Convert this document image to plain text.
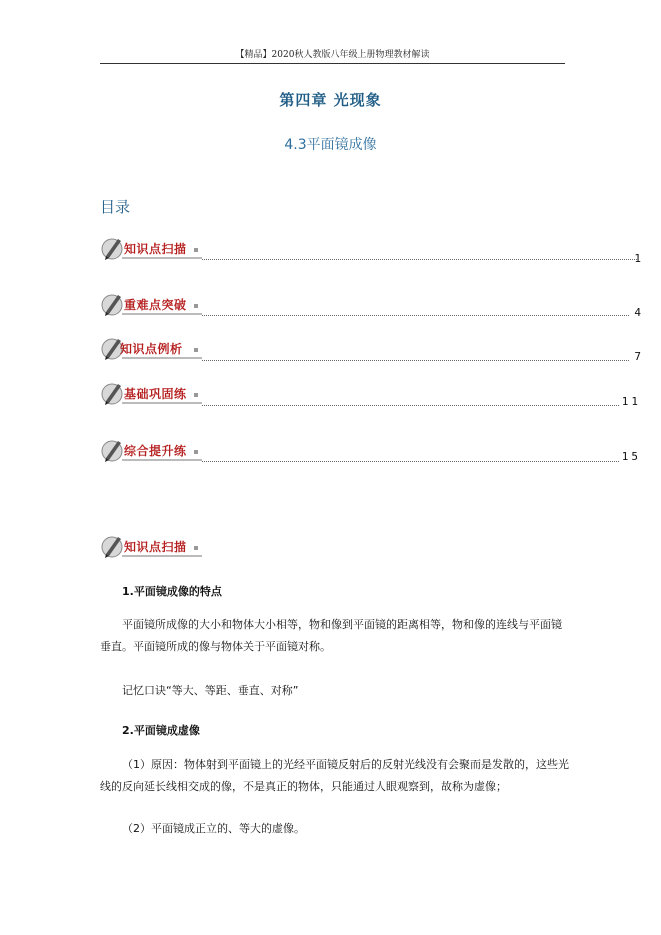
【精品】2020秋人教版八年级上册物理教材解读
第四章 光现象
4.3平面镜成像
目录
知识点扫描
1
重难点突破
4
知识点例析
7
基础巩固练
11
综合提升练	15
知识点扫描
1.平面镜成像的特点
平面镜所成像的大小和物体大小相等，物和像到平面镜的距离相等，物和像的连线与平面镜垂直。平面镜所成的像与物体关于平面镜对称。
记忆口诀“等大、等距、垂直、对称”
2.平面镜成虚像
（1）原因：物体射到平面镜上的光经平面镜反射后的反射光线没有会聚而是发散的，这些光线的反向延长线相交成的像，不是真正的物体，只能通过人眼观察到，故称为虚像；
（2）平面镜成正立的、等大的虚像。
